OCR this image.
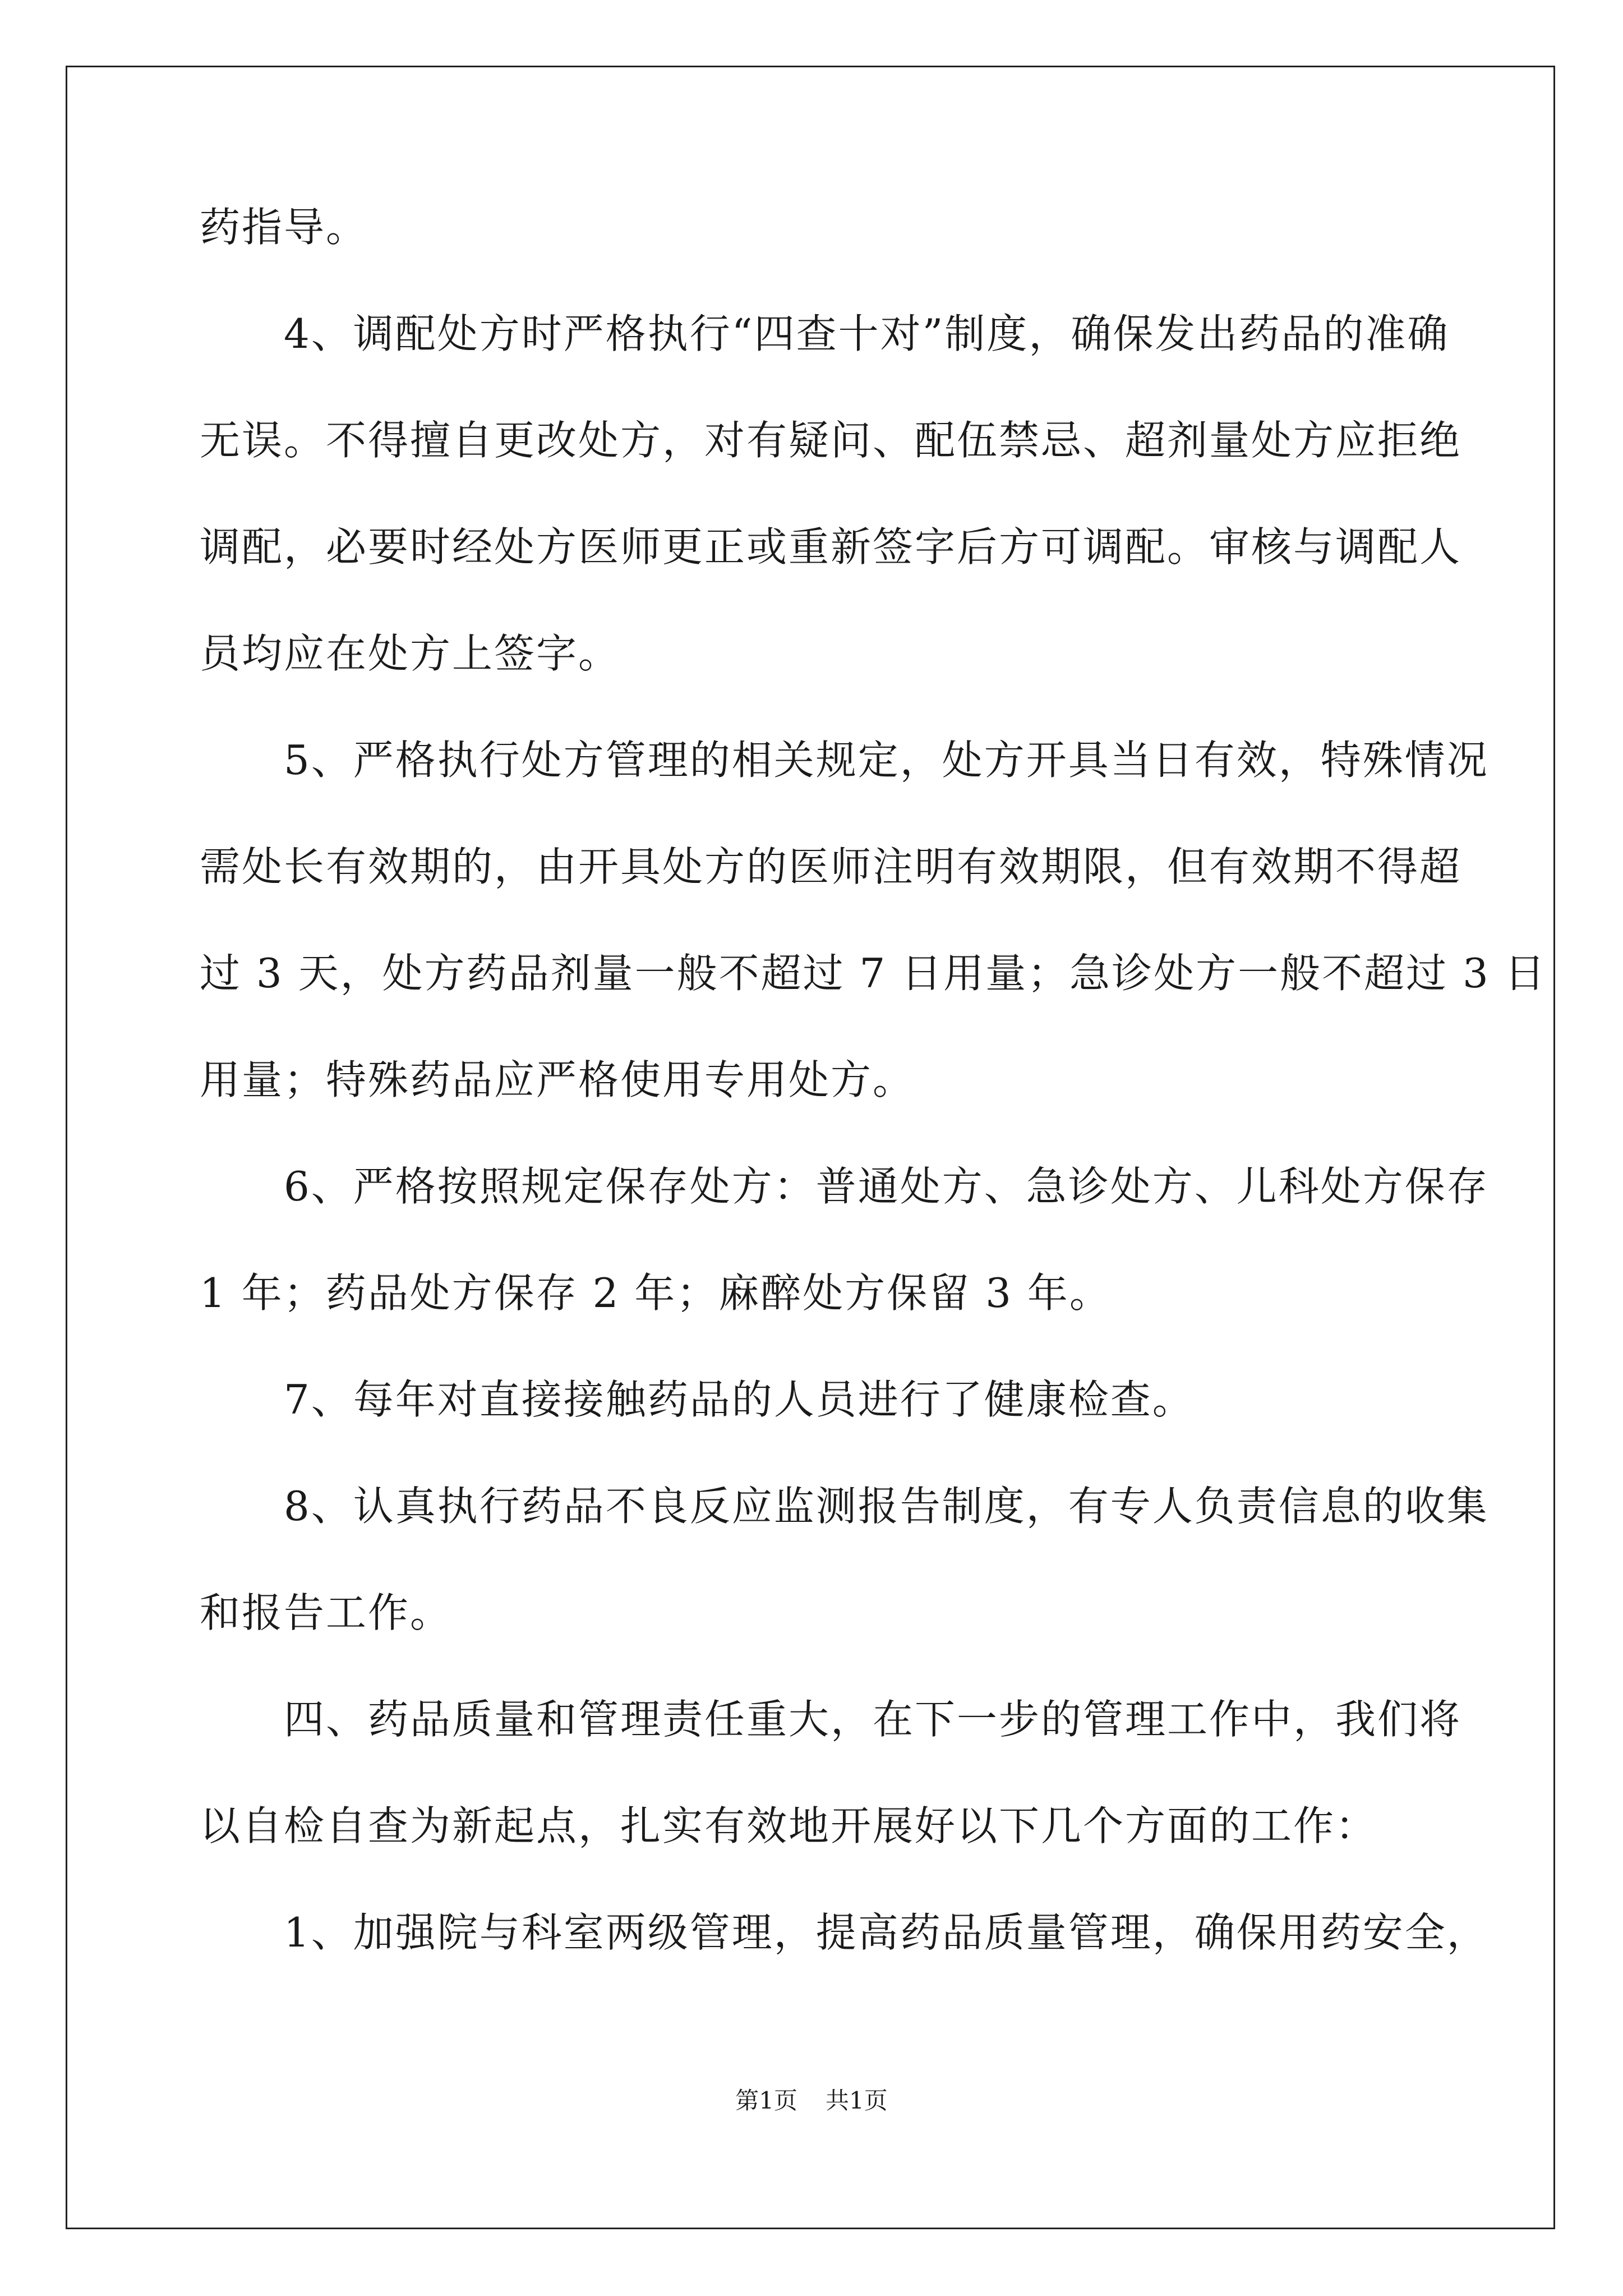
药指导。
4、调配处方时严格执行“四查十对”制度，确保发出药品的准确
无误。不得擅自更改处方，对有疑问、配伍禁忌、超剂量处方应拒绝
调配，必要时经处方医师更正或重新签字后方可调配。审核与调配人
员均应在处方上签字。
5、严格执行处方管理的相关规定，处方开具当日有效，特殊情况
需处长有效期的，由开具处方的医师注明有效期限，但有效期不得超
过 3 天，处方药品剂量一般不超过 7 日用量；急诊处方一般不超过 3 日
用量；特殊药品应严格使用专用处方。
6、严格按照规定保存处方：普通处方、急诊处方、儿科处方保存
1 年；药品处方保存 2 年；麻醉处方保留 3 年。
7、每年对直接接触药品的人员进行了健康检查。
8、认真执行药品不良反应监测报告制度，有专人负责信息的收集
和报告工作。
四、药品质量和管理责任重大，在下一步的管理工作中，我们将
以自检自查为新起点，扎实有效地开展好以下几个方面的工作：
1、加强院与科室两级管理，提高药品质量管理，确保用药安全，
第1页 共1页
